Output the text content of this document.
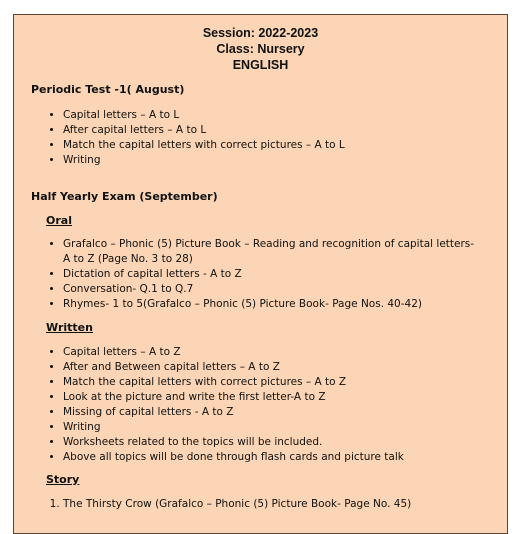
Session: 2022-2023
Class: Nursery
ENGLISH
Periodic Test -1( August)
• Capital letters – A to L
• After capital letters – A to L
• Match the capital letters with correct pictures – A to L
• Writing
Half Yearly Exam (September)
Oral
• Grafalco – Phonic (5) Picture Book – Reading and recognition of capital letters- A to Z (Page No. 3 to 28)
• Dictation of capital letters - A to Z
• Conversation- Q.1 to Q.7
• Rhymes- 1 to 5(Grafalco – Phonic (5) Picture Book- Page Nos. 40-42)
Written
• Capital letters – A to Z
• After and Between capital letters – A to Z
• Match the capital letters with correct pictures – A to Z
• Look at the picture and write the first letter-A to Z
• Missing of capital letters - A to Z
• Writing
• Worksheets related to the topics will be included.
• Above all topics will be done through flash cards and picture talk
Story
1. The Thirsty Crow (Grafalco – Phonic (5) Picture Book- Page No. 45)
